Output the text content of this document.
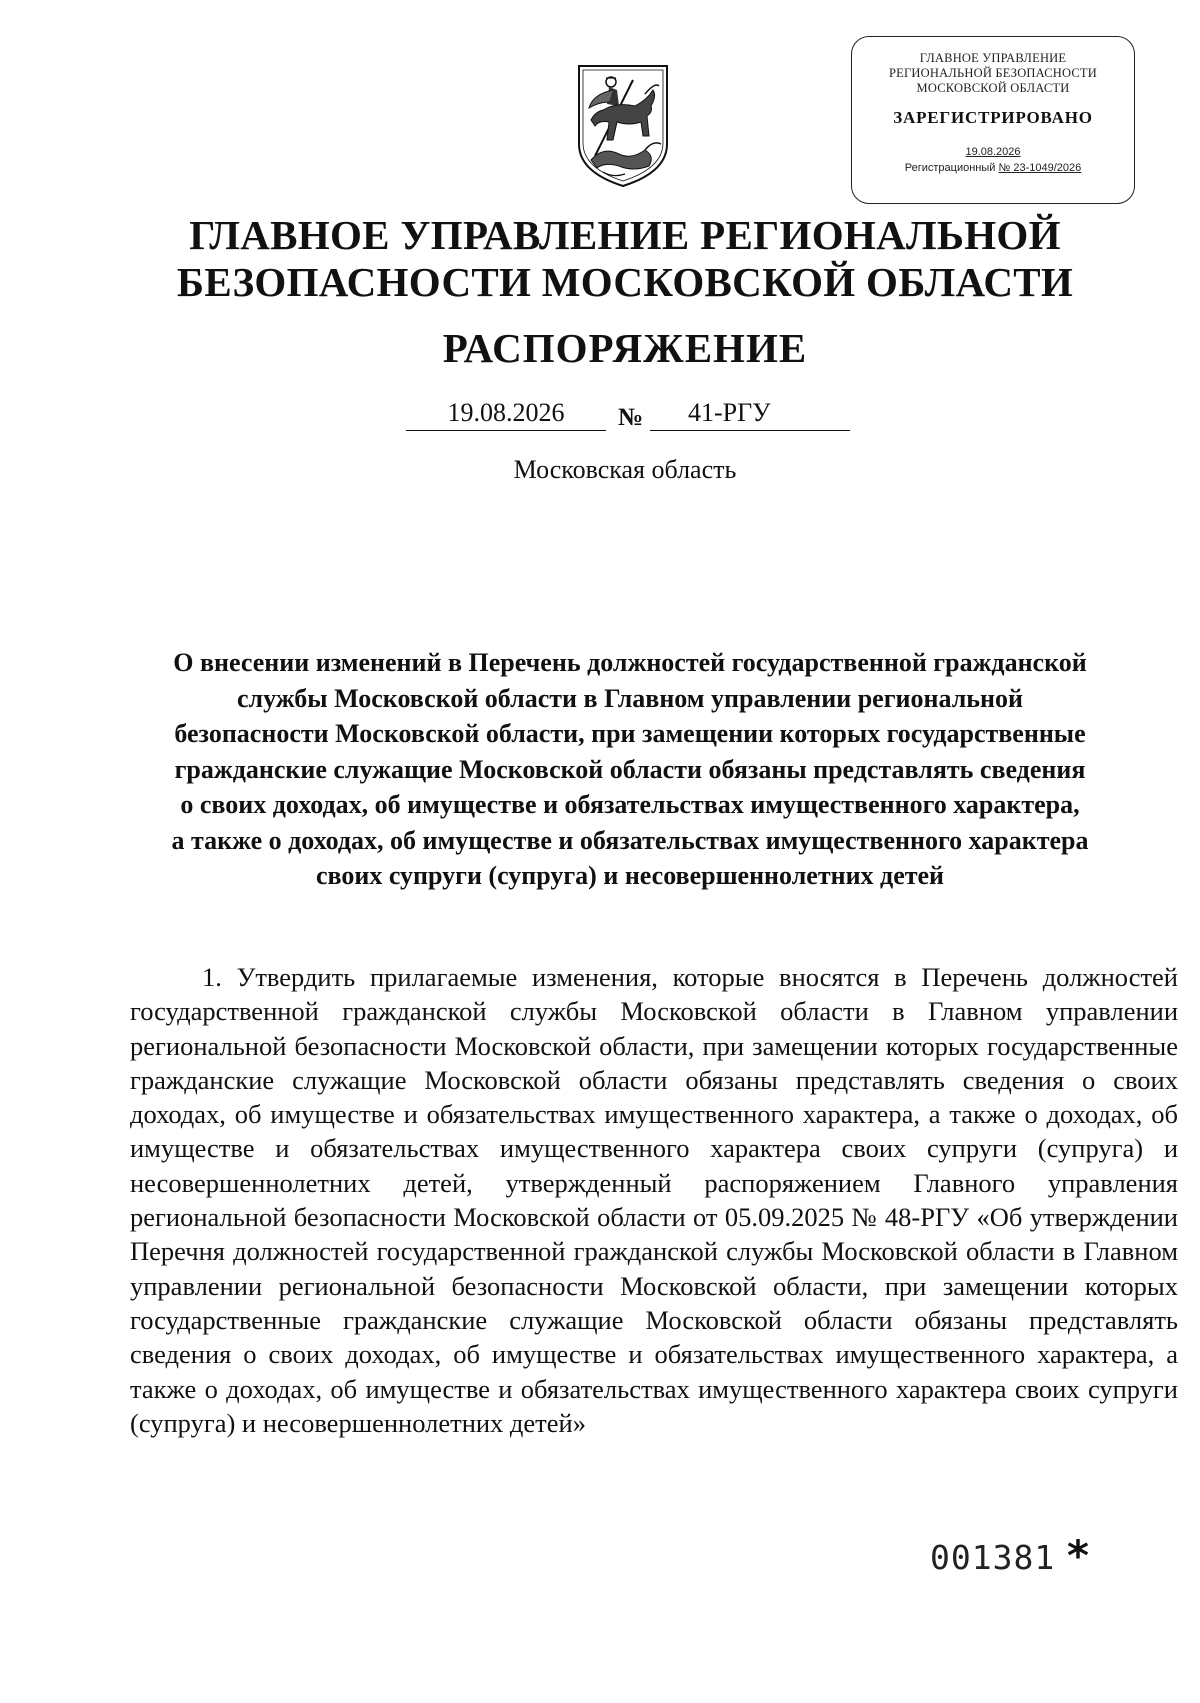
ГЛАВНОЕ УПРАВЛЕНИЕ
РЕГИОНАЛЬНОЙ БЕЗОПАСНОСТИ
МОСКОВСКОЙ ОБЛАСТИ
ЗАРЕГИСТРИРОВАНО
19.08.2026
Регистрационный № 23-1049/2026
ГЛАВНОЕ УПРАВЛЕНИЕ РЕГИОНАЛЬНОЙ
БЕЗОПАСНОСТИ МОСКОВСКОЙ ОБЛАСТИ
РАСПОРЯЖЕНИЕ
19.08.2026	№	41-РГУ
Московская область
О внесении изменений в Перечень должностей государственной гражданской
службы Московской области в Главном управлении региональной
безопасности Московской области, при замещении которых государственные
гражданские служащие Московской области обязаны представлять сведения
о своих доходах, об имуществе и обязательствах имущественного характера,
а также о доходах, об имуществе и обязательствах имущественного характера
своих супруги (супруга) и несовершеннолетних детей

1. Утвердить прилагаемые изменения, которые вносятся в Перечень должностей государственной гражданской службы Московской области в Главном управлении региональной безопасности Московской области, при замещении которых государственные гражданские служащие Московской области обязаны представлять сведения о своих доходах, об имуществе и обязательствах имущественного характера, а также о доходах, об имуществе и обязательствах имущественного характера своих супруги (супруга) и несовершеннолетних детей, утвержденный распоряжением Главного управления региональной безопасности Московской области от 05.09.2025 № 48-РГУ «Об утверждении Перечня должностей государственной гражданской службы Московской области в Главном управлении региональной безопасности Московской области, при замещении которых государственные гражданские служащие Московской области обязаны представлять сведения о своих доходах, об имуществе и обязательствах имущественного характера, а также о доходах, об имуществе и обязательствах имущественного характера своих супруги (супруга) и несовершеннолетних детей»

001381 *
